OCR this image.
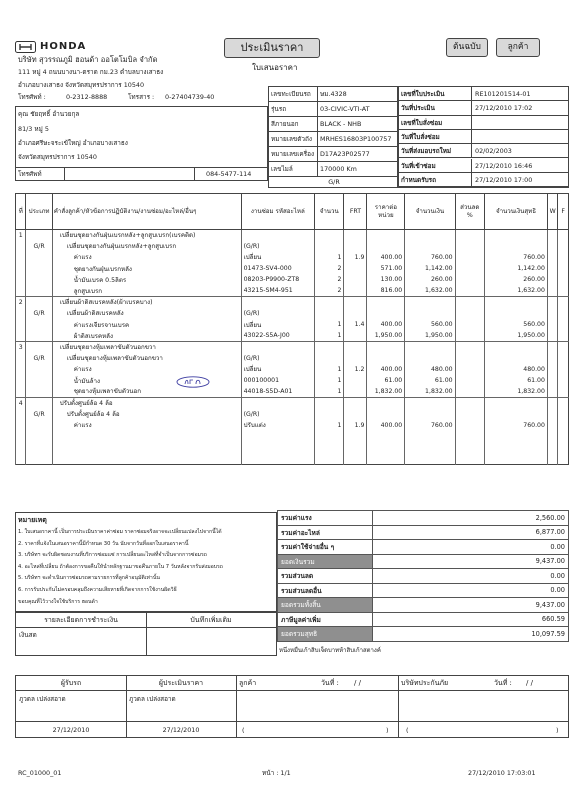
HONDA	ประเมินราคา
ใบเสนอราคา
ต้นฉบับ	ลูกค้า
บริษัท สุวรรณภูมิ ฮอนด้า ออโตโมบิล จำกัด
111 หมู่ 4 ถนนบางนา-ตราด กม.23 ตำบลบางเสาธง
อำเภอบางเสาธง จังหวัดสมุทรปราการ 10540
โทรศัพท์ :	0-2312-8888	โทรสาร : 0-27404739-40
คุณ ชัยฤทธิ์ อำนวยกุล
81/3 หมู่ 5
อำเภอศรีษะจระเข้ใหญ่ อำเภอบางเสาธง
จังหวัดสมุทรปราการ 10540
โทรศัพท์	084-5477-114
เลขทะเบียนรถ	ษม.4328
รุ่นรถ	03-CIVIC-VTI-AT
สีภายนอก	BLACK - NHB
หมายเลขตัวถัง	MRHES16803P100757
หมายเลขเครื่อง D17A23P02577
เลขไมล์	170000 Km
G/R
เลขที่ใบประเมิน	RE101201514-01
วันที่ประเมิน	27/12/2010 17:02
เลขที่ใบสั่งซ่อม
วันที่ใบสั่งซ่อม
วันที่ส่งมอบรถใหม่	02/02/2003
วันที่เข้าซ่อม	27/12/2010 16:46
กำหนดรับรถ	27/12/2010 17:00
ที่	ประเภท	คำสั่งลูกค้า/หัวข้อการปฏิบัติงาน/งานซ่อม/อะไหล่/อื่นๆ	งานซ่อม รหัสอะไหล่	จำนวน	FRT	ราคาต่อหน่วย	จำนวนเงิน	ส่วนลด %	จำนวนเงินสุทธิ	W	F
1		เปลี่ยนชุดยางกันฝุ่นเบรกหลัง+ลูกสูบเบรก(เบรคติด)									
	G/R	เปลี่ยนชุดยางกันฝุ่นเบรกหลัง+ลูกสูบเบรก	(G/R)								
		ค่าแรง	เปลี่ยน	1	1.9	400.00	760.00		760.00		
		ชุดยางกันฝุ่นเบรกหลัง	01473-SV4-000	2		571.00	1,142.00		1,142.00		
		น้ำมันเบรค 0.5ลิตร	08203-P9900-ZT8	2		130.00	260.00		260.00		
		ลูกสูบเบรก	43215-SM4-951	2		816.00	1,632.00		1,632.00		
2		เปลี่ยนผ้าดิสเบรคหลัง(ผ้าเบรคบาง)									
	G/R	เปลี่ยนผ้าดิสเบรคหลัง	(G/R)								
		ค่าแรงเจียรจานเบรค	เปลี่ยน	1	1.4	400.00	560.00		560.00		
		ผ้าดิสเบรคหลัง	43022-S5A-J00	1		1,950.00	1,950.00		1,950.00		
3		เปลี่ยนชุดยางหุ้มเพลาขับตัวนอกขวา									
	G/R	เปลี่ยนชุดยางหุ้มเพลาขับตัวนอกขวา	(G/R)								
		ค่าแรง	เปลี่ยน	1	1.2	400.00	480.00		480.00		
		น้ำมันล้าง	000100001	1		61.00	61.00		61.00		
		ชุดยางหุ้มเพลาขับตัวนอก	44018-S5D-A01	1		1,832.00	1,832.00		1,832.00		
4		ปรับตั้งศูนย์ล้อ 4 ล้อ									
	G/R	ปรับตั้งศูนย์ล้อ 4 ล้อ	(G/R)								
		ค่าแรง	ปรับแต่ง	1	1.9	400.00	760.00		760.00		

หมายเหตุ
1. ใบเสนอราคานี้ เป็นการประเมินราคาค่าซ่อม ราคาซ่อมจริงอาจจะเปลี่ยนแปลงไปจากนี้ได้
2. ราคาที่แจ้งในเสนอราคานี้มีกำหนด 30 วัน นับจากวันที่ออกใบเสนอราคานี้
3. บริษัทฯ จะรับผิดชอบงานที่บริการซ่อมแซ่ การเปลี่ยนอะไหล่ที่จำเป็นจากการซ่อมรถ
4. อะไหล่ที่เปลี่ยน ถ้าต้องการขอคืนให้นำหลักฐานมาขอคืนภายใน 7 วันหลังจากรับส่งมอบรถ
5. บริษัทฯ จะดำเนินการซ่อมรถตามรายการที่ลูกค้าอนุมัติเท่านั้น
6. การรับประกันไม่ครอบคลุมถึงความเสียหายที่เกิดจากการใช้งานผิดวิธี
ขอบคุณที่ไว้วางใจใช้บริการ ฮอนด้า
รวมค่าแรง	2,560.00
รวมค่าอะไหล่	6,877.00
รวมค่าใช้จ่ายอื่น ๆ	0.00
ยอดเงินรวม	9,437.00
รวมส่วนลด	0.00
รวมส่วนลดอื่น	0.00
ยอดรวมทั้งสิ้น	9,437.00
ภาษีมูลค่าเพิ่ม	660.59
ยอดรวมสุทธิ	10,097.59
หนึ่งหมื่นเก้าสิบเจ็ดบาทห้าสิบเก้าสตางค์
รายละเอียดการชำระเงิน	บันทึกเพิ่มเติม
เงินสด
ผู้รับรถ	ผู้ประเมินราคา	ลูกค้า	วันที่ : / /	บริษัทประกันภัย	วันที่ : / /
ภูวดล เปล่งสอาด	ภูวดล เปล่งสอาด
27/12/2010	27/12/2010	(	)	(	)
RC_01000_01	หน้า : 1/1	27/12/2010 17:03:01
